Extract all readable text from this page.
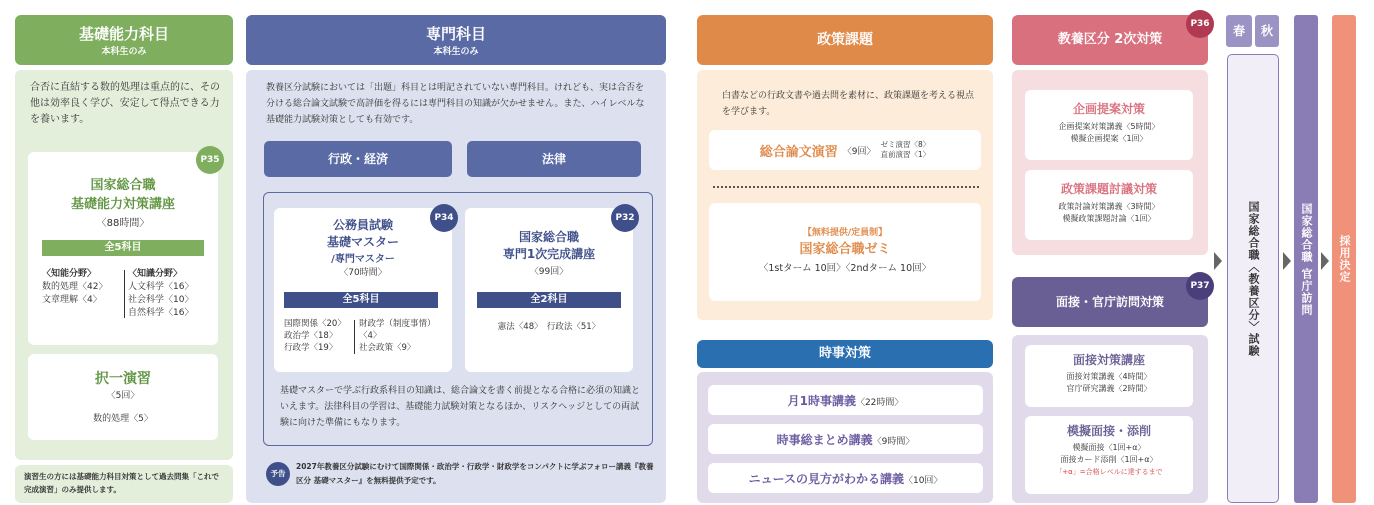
基礎能力科目
本科生のみ
合否に直結する数的処理は重点的に、その他は効率良く学び、安定して得点できる力を養います。
P35
国家総合職
基礎能力対策講座
〈88時間〉
全5科目
〈知能分野〉
数的処理〈42〉
文章理解〈4〉
〈知識分野〉
人文科学〈16〉
社会科学〈10〉
自然科学〈16〉
択一演習
〈5回〉
数的処理〈5〉
演習生の方には基礎能力科目対策として過去問集「これで完成演習」のみ提供します。
専門科目
本科生のみ
教養区分試験においては「出題」科目とは明記されていない専門科目。けれども、実は合否を分ける総合論文試験で高評価を得るには専門科目の知識が欠かせません。また、ハイレベルな基礎能力試験対策としても有効です。
行政・経済	法律
P34
公務員試験
基礎マスター
/専門マスター
〈70時間〉
全5科目
国際関係〈20〉
政治学〈18〉
行政学〈19〉
財政学（制度事情）
〈4〉
社会政策〈9〉
P32
国家総合職
専門1次完成講座
〈99回〉
全2科目
憲法〈48〉　行政法〈51〉
基礎マスターで学ぶ行政系科目の知識は、総合論文を書く前提となる合格に必須の知識といえます。法律科目の学習は、基礎能力試験対策となるほか、リスクヘッジとしての両試験に向けた準備にもなります。
予告
2027年教養区分試験にむけて国際関係・政治学・行政学・財政学をコンパクトに学ぶフォロー講義『教養区分 基礎マスター』を無料提供予定です。
政策課題
白書などの行政文書や過去問を素材に、政策課題を考える視点を学びます。
総合論文演習 〈9回〉
ゼミ演習〈8〉
直前演習〈1〉
【無料提供/定員制】
国家総合職ゼミ
〈1stターム 10回〉〈2ndターム 10回〉
時事対策
月1時事講義〈22時間〉
時事総まとめ講義〈9時間〉
ニュースの見方がわかる講義〈10回〉
教養区分 2次対策
P36
企画提案対策
企画提案対策講義〈5時間〉
模擬企画提案〈1回〉
政策課題討議対策
政策討論対策講義〈3時間〉
模擬政策課題討論〈1回〉
面接・官庁訪問対策
P37
面接対策講座
面接対策講義〈4時間〉
官庁研究講義〈2時間〉
模擬面接・添削
模擬面接〈1回+α〉
面接カード添削〈1回+α〉
「+α」=合格レベルに達するまで
春	秋
国家総合職〈教養区分〉試験	国家総合職 官庁訪問 採用決定
